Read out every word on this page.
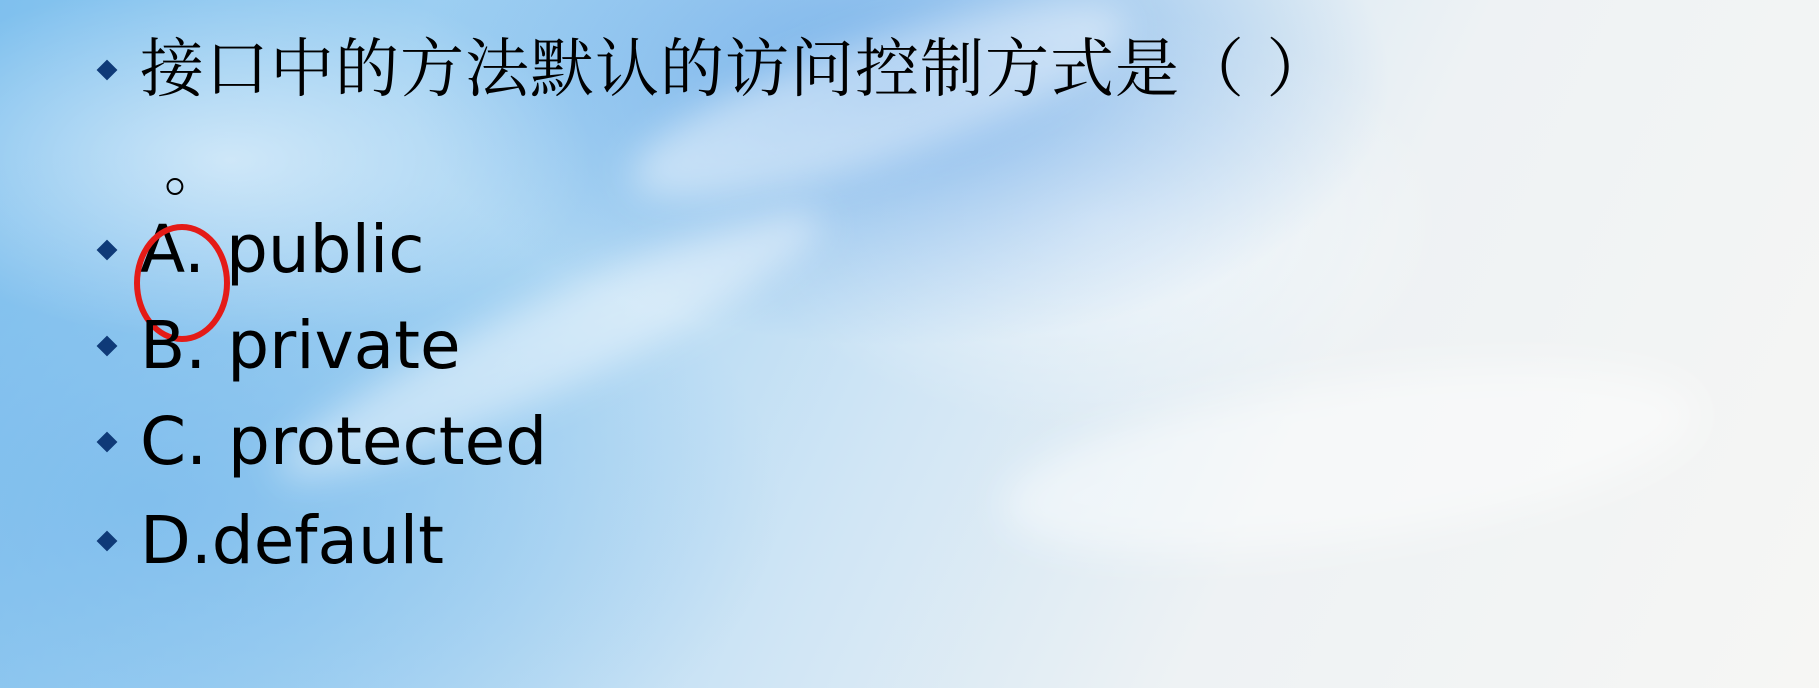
接口中的方法默认的访问控制方式是（ ）
。
A. public
B. private
C. protected
D.default
